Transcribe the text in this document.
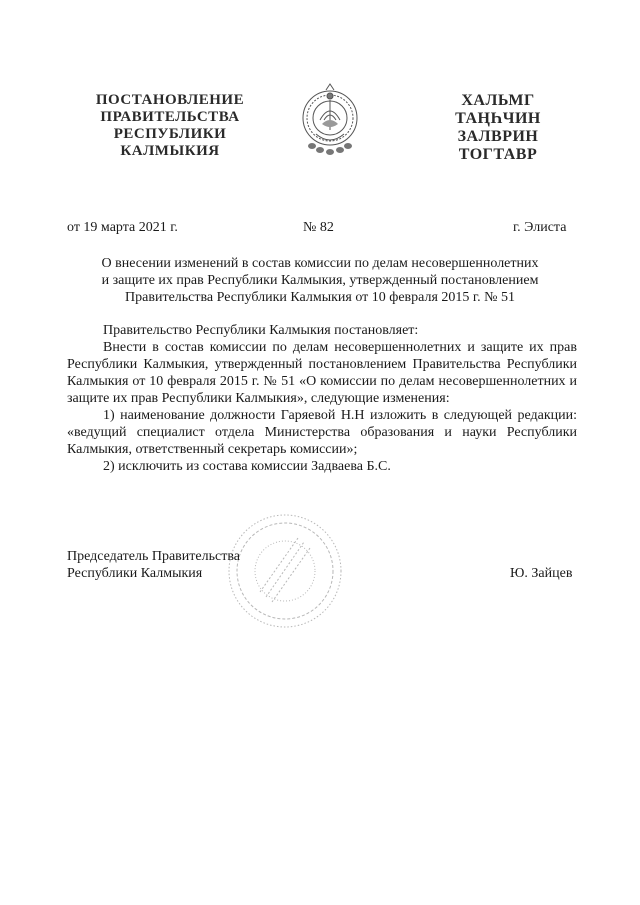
ПОСТАНОВЛЕНИЕ
ПРАВИТЕЛЬСТВА
РЕСПУБЛИКИ
КАЛМЫКИЯ
ХАЛЬМГ
ТАҢҺЧИН
ЗАЛВРИН
ТОГТАВР
от 19 марта 2021 г.	№ 82	г. Элиста
О внесении изменений в состав комиссии по делам несовершеннолетних
и защите их прав Республики Калмыкия, утвержденный постановлением
Правительства Республики Калмыкия от 10 февраля 2015 г. № 51

Правительство Республики Калмыкия постановляет:

Внести в состав комиссии по делам несовершеннолетних и защите их прав Республики Калмыкия, утвержденный постановлением Правительства Республики Калмыкия от 10 февраля 2015 г. № 51 «О комиссии по делам несовершеннолетних и защите их прав Республики Калмыкия», следующие изменения:

1) наименование должности Гаряевой Н.Н изложить в следующей редакции: «ведущий специалист отдела Министерства образования и науки Республики Калмыкия, ответственный секретарь комиссии»;

2) исключить из состава комиссии Задваева Б.С.

Председатель Правительства
Республики Калмыкия	Ю. Зайцев
